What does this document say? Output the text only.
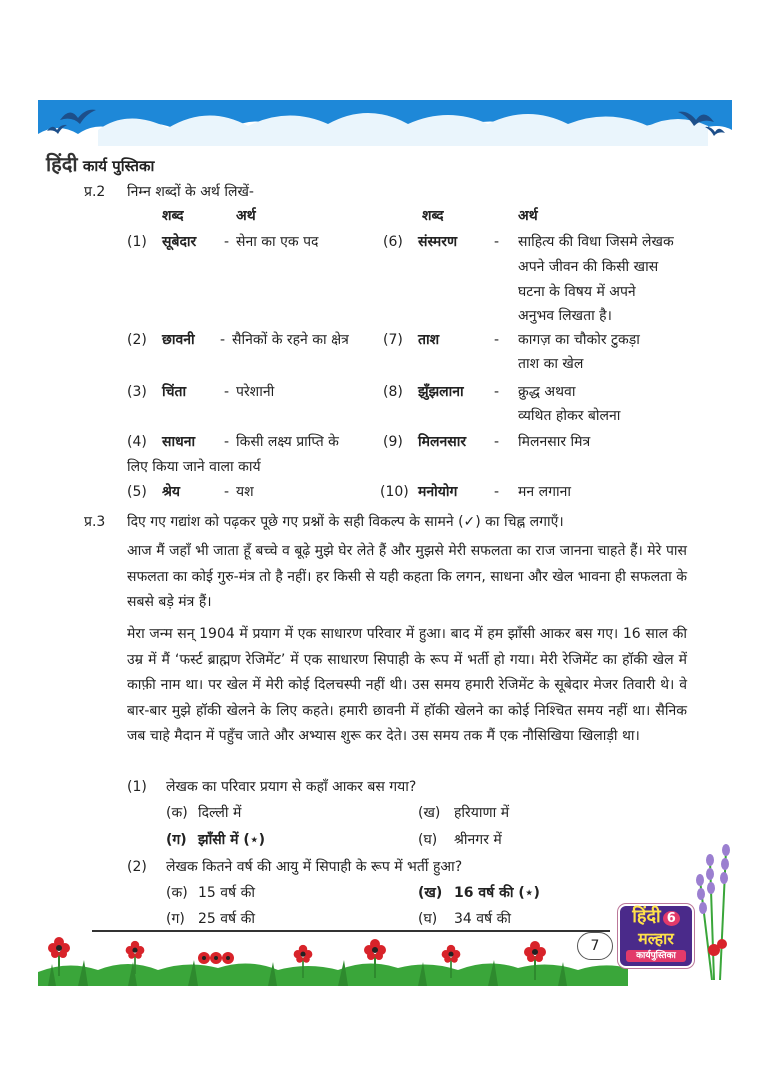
हिंदी कार्य पुस्तिका
प्र.2 निम्न शब्दों के अर्थ लिखें-
शब्द	अर्थ	शब्द	अर्थ
(1) सूबेदार - सेना का एक पद
(2) छावनी - सैनिकों के रहने का क्षेत्र
(3) चिंता	- परेशानी
(4) साधना - किसी लक्ष्य प्राप्ति के
लिए किया जाने वाला कार्य
(5) श्रेय	- यश
(6) संस्मरण	- साहित्य की विधा जिसमे लेखक
अपने जीवन की किसी खास
घटना के विषय में अपने
अनुभव लिखता है।
(7) ताश	- कागज़ का चौकोर टुकड़ा
ताश का खेल
(8) झुँझलाना - क्रुद्ध अथवा
व्यथित होकर बोलना
(9) मिलनसार - मिलनसार मित्र
(10) मनोयोग	- मन लगाना
प्र.3 दिए गए गद्यांश को पढ़कर पूछे गए प्रश्नों के सही विकल्प के सामने (✓) का चिह्न लगाएँ।
आज मैं जहाँ भी जाता हूँ बच्चे व बूढ़े मुझे घेर लेते हैं और मुझसे मेरी सफलता का राज जानना चाहते हैं। मेरे पास सफलता का कोई गुरु-मंत्र तो है नहीं। हर किसी से यही कहता कि लगन, साधना और खेल भावना ही सफलता के सबसे बड़े मंत्र हैं।
मेरा जन्म सन् 1904 में प्रयाग में एक साधारण परिवार में हुआ। बाद में हम झाँसी आकर बस गए। 16 साल की उम्र में मैं ‘फर्स्ट ब्राह्मण रेजिमेंट’ में एक साधारण सिपाही के रूप में भर्ती हो गया। मेरी रेजिमेंट का हॉकी खेल में काफ़ी नाम था। पर खेल में मेरी कोई दिलचस्पी नहीं थी। उस समय हमारी रेजिमेंट के सूबेदार मेजर तिवारी थे। वे बार-बार मुझे हॉकी खेलने के लिए कहते। हमारी छावनी में हॉकी खेलने का कोई निश्चित समय नहीं था। सैनिक जब चाहे मैदान में पहुँच जाते और अभ्यास शुरू कर देते। उस समय तक मैं एक नौसिखिया खिलाड़ी था।
(1) लेखक का परिवार प्रयाग से कहाँ आकर बस गया?
(क) दिल्ली में	(ख) हरियाणा में
(ग) झाँसी में (⋆)	(घ) श्रीनगर में
(2) लेखक कितने वर्ष की आयु में सिपाही के रूप में भर्ती हुआ?
(क) 15 वर्ष की	(ख) 16 वर्ष की (⋆)
(ग) 25 वर्ष की	(घ) 34 वर्ष की
7
हिंदी 6
मल्हार
कार्यपुस्तिका
